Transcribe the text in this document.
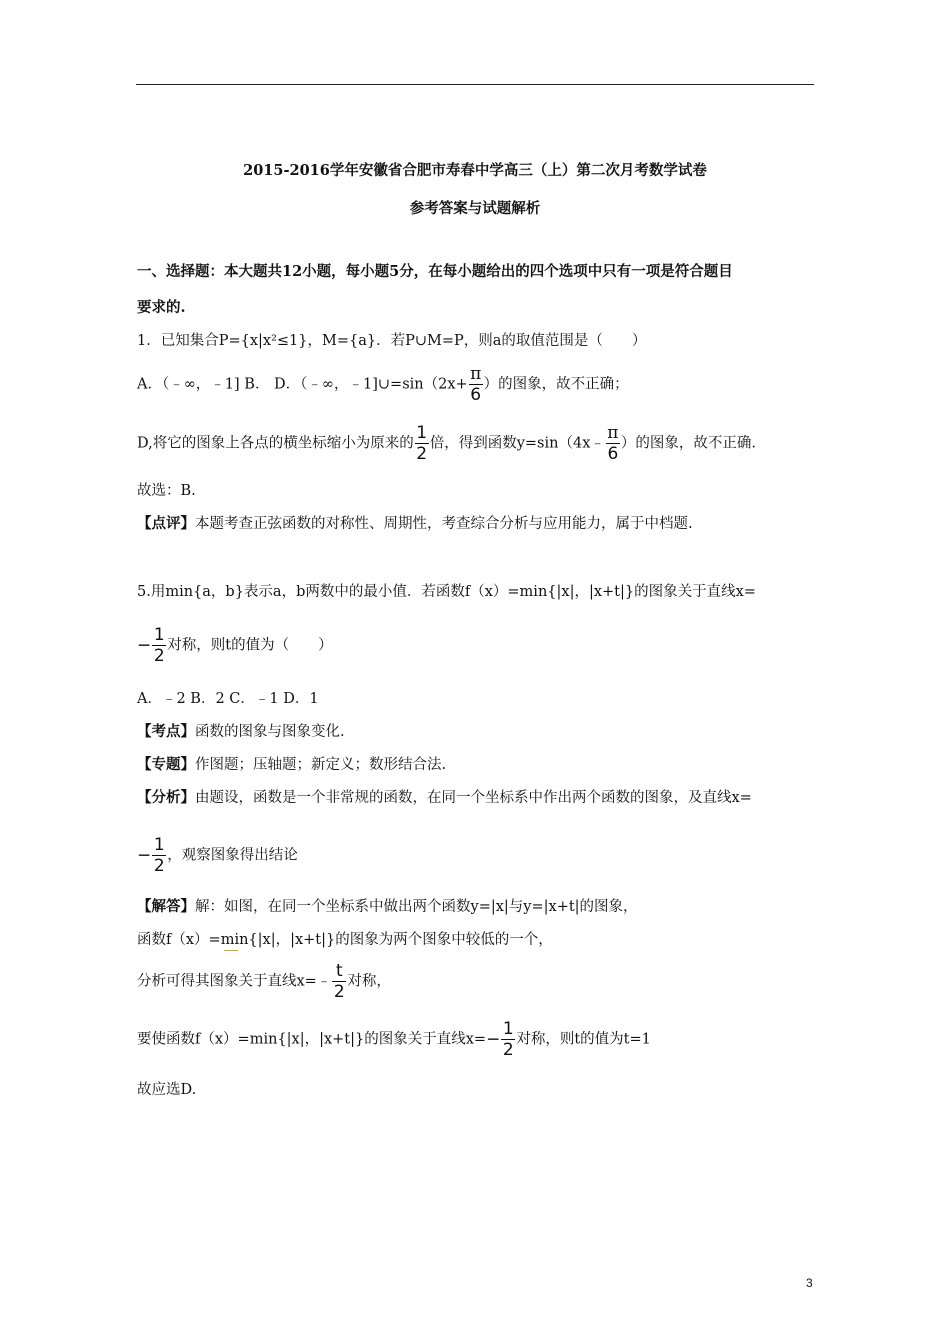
2015-2016学年安徽省合肥市寿春中学高三（上）第二次月考数学试卷
参考答案与试题解析
一、选择题：本大题共12小题，每小题5分，在每小题给出的四个选项中只有一项是符合题目
要求的.
1．已知集合P={x|x²≤1}，M={a}．若P∪M=P，则a的取值范围是（　　）
A．（﹣∞，﹣1] B． D．（﹣∞，﹣1]∪=sin（2x+ $\frac{\pi}{6}$ ）的图象，故不正确；
D,将它的图象上各点的横坐标缩小为原来的 $\frac{1}{2}$ 倍，得到函数y=sin（4x﹣ $\frac{\pi}{6}$ ）的图象，故不正确.
故选：B.
【点评】本题考查正弦函数的对称性、周期性，考查综合分析与应用能力，属于中档题.
5.用min{a，b}表示a，b两数中的最小值．若函数f（x）=min{|x|，|x+t|}的图象关于直线x=
− $\frac{1}{2}$ 对称，则t的值为（　　）
A．﹣2 B．2 C．﹣1 D．1
【考点】函数的图象与图象变化.
【专题】作图题；压轴题；新定义；数形结合法.
【分析】由题设，函数是一个非常规的函数，在同一个坐标系中作出两个函数的图象，及直线x=
− $\frac{1}{2}$ ，观察图象得出结论
【解答】解：如图，在同一个坐标系中做出两个函数y=|x|与y=|x+t|的图象，
函数f（x）=min{|x|，|x+t|}的图象为两个图象中较低的一个，
分析可得其图象关于直线x=﹣ $\frac{t}{2}$ 对称，
要使函数f（x）=min{|x|，|x+t|}的图象关于直线$x=- \frac{1}{2}$ 对称，则t的值为t=1
故应选D.
3
